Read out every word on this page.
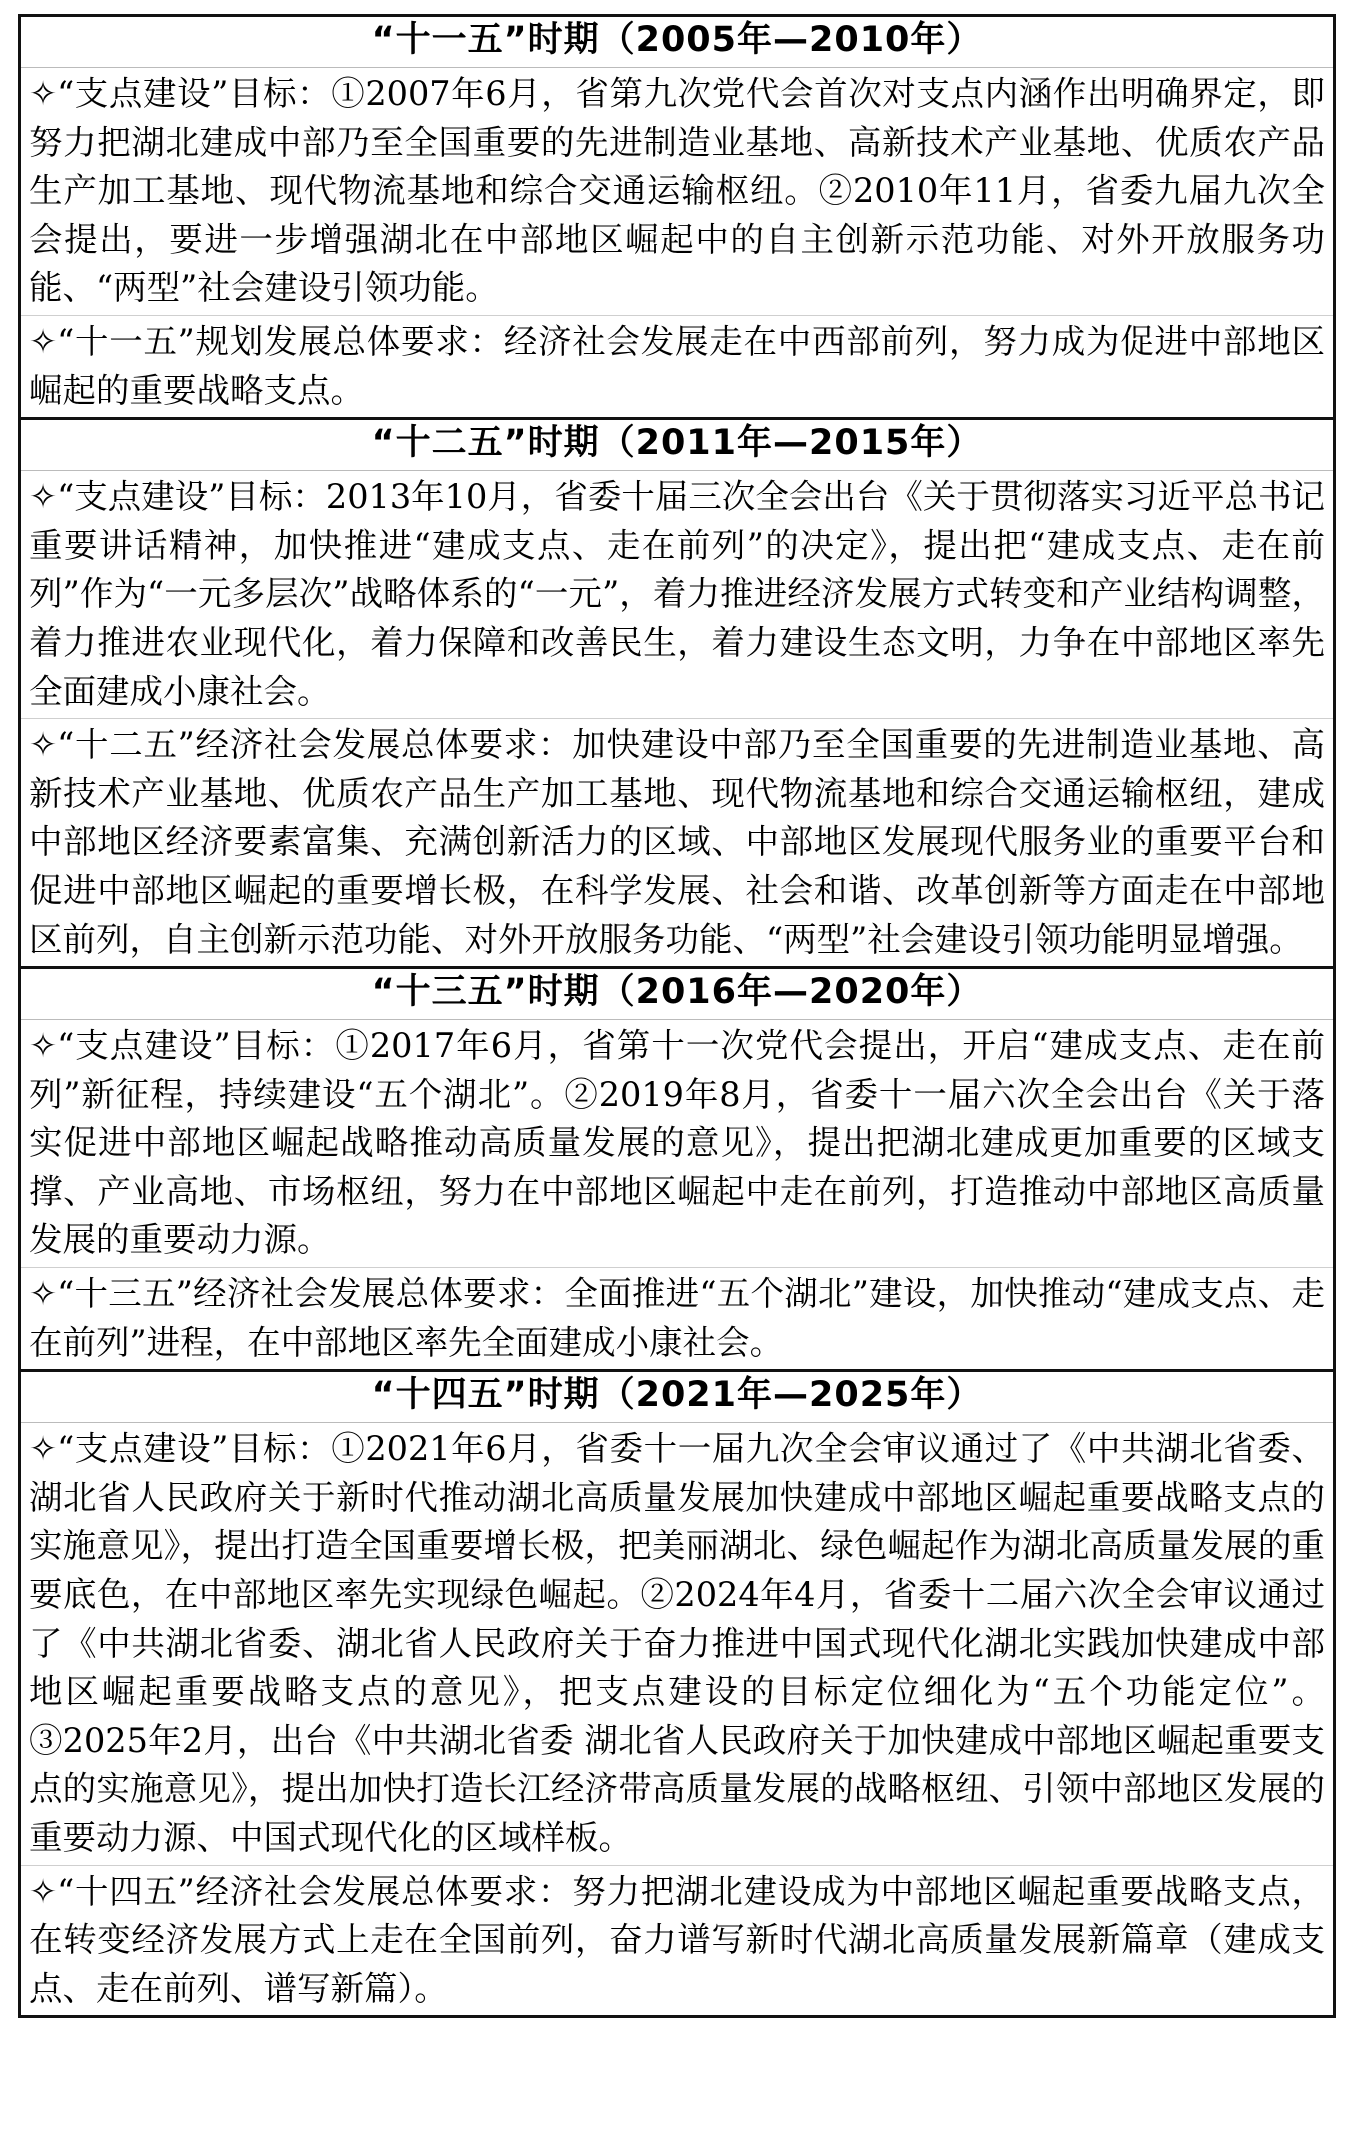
“十一五”时期（2005年—2010年）
✧“支点建设”目标：①2007年6月，省第九次党代会首次对支点内涵作出明确界定，即努力把湖北建成中部乃至全国重要的先进制造业基地、高新技术产业基地、优质农产品生产加工基地、现代物流基地和综合交通运输枢纽。②2010年11月，省委九届九次全会提出，要进一步增强湖北在中部地区崛起中的自主创新示范功能、对外开放服务功能、“两型”社会建设引领功能。
✧“十一五”规划发展总体要求：经济社会发展走在中西部前列，努力成为促进中部地区崛起的重要战略支点。
“十二五”时期（2011年—2015年）
✧“支点建设”目标：2013年10月，省委十届三次全会出台《关于贯彻落实习近平总书记重要讲话精神，加快推进“建成支点、走在前列”的决定》，提出把“建成支点、走在前列”作为“一元多层次”战略体系的“一元”，着力推进经济发展方式转变和产业结构调整，着力推进农业现代化，着力保障和改善民生，着力建设生态文明，力争在中部地区率先全面建成小康社会。
✧“十二五”经济社会发展总体要求：加快建设中部乃至全国重要的先进制造业基地、高新技术产业基地、优质农产品生产加工基地、现代物流基地和综合交通运输枢纽，建成中部地区经济要素富集、充满创新活力的区域、中部地区发展现代服务业的重要平台和促进中部地区崛起的重要增长极，在科学发展、社会和谐、改革创新等方面走在中部地区前列，自主创新示范功能、对外开放服务功能、“两型”社会建设引领功能明显增强。
“十三五”时期（2016年—2020年）
✧“支点建设”目标：①2017年6月，省第十一次党代会提出，开启“建成支点、走在前列”新征程，持续建设“五个湖北”。②2019年8月，省委十一届六次全会出台《关于落实促进中部地区崛起战略推动高质量发展的意见》，提出把湖北建成更加重要的区域支撑、产业高地、市场枢纽，努力在中部地区崛起中走在前列，打造推动中部地区高质量发展的重要动力源。
✧“十三五”经济社会发展总体要求：全面推进“五个湖北”建设，加快推动“建成支点、走在前列”进程，在中部地区率先全面建成小康社会。
“十四五”时期（2021年—2025年）
✧“支点建设”目标：①2021年6月，省委十一届九次全会审议通过了《中共湖北省委、湖北省人民政府关于新时代推动湖北高质量发展加快建成中部地区崛起重要战略支点的实施意见》，提出打造全国重要增长极，把美丽湖北、绿色崛起作为湖北高质量发展的重要底色，在中部地区率先实现绿色崛起。②2024年4月，省委十二届六次全会审议通过了《中共湖北省委、湖北省人民政府关于奋力推进中国式现代化湖北实践加快建成中部地区崛起重要战略支点的意见》，把支点建设的目标定位细化为“五个功能定位”。③2025年2月，出台《中共湖北省委 湖北省人民政府关于加快建成中部地区崛起重要支点的实施意见》，提出加快打造长江经济带高质量发展的战略枢纽、引领中部地区发展的重要动力源、中国式现代化的区域样板。
✧“十四五”经济社会发展总体要求：努力把湖北建设成为中部地区崛起重要战略支点，在转变经济发展方式上走在全国前列，奋力谱写新时代湖北高质量发展新篇章（建成支点、走在前列、谱写新篇）。
